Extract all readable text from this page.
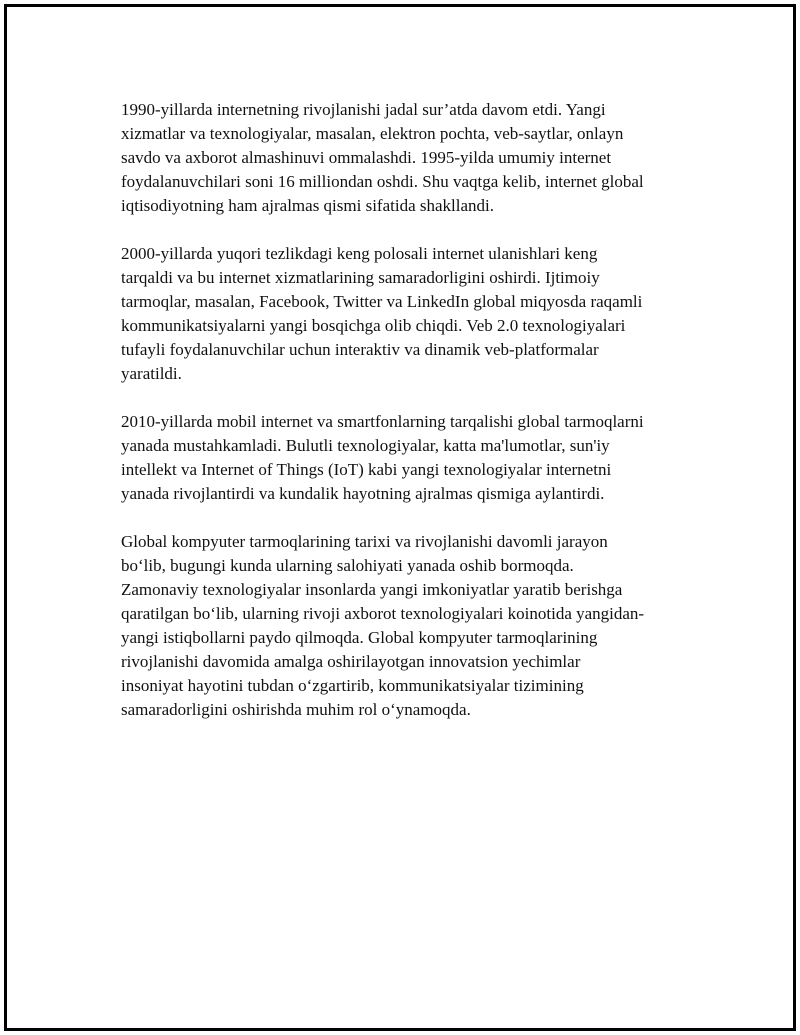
1990-yillarda internetning rivojlanishi jadal sur’atda davom etdi. Yangi
xizmatlar va texnologiyalar, masalan, elektron pochta, veb-saytlar, onlayn
savdo va axborot almashinuvi ommalashdi. 1995-yilda umumiy internet
foydalanuvchilari soni 16 milliondan oshdi. Shu vaqtga kelib, internet global
iqtisodiyotning ham ajralmas qismi sifatida shakllandi.

2000-yillarda yuqori tezlikdagi keng polosali internet ulanishlari keng
tarqaldi va bu internet xizmatlarining samaradorligini oshirdi. Ijtimoiy
tarmoqlar, masalan, Facebook, Twitter va LinkedIn global miqyosda raqamli
kommunikatsiyalarni yangi bosqichga olib chiqdi. Veb 2.0 texnologiyalari
tufayli foydalanuvchilar uchun interaktiv va dinamik veb-platformalar
yaratildi.

2010-yillarda mobil internet va smartfonlarning tarqalishi global tarmoqlarni
yanada mustahkamladi. Bulutli texnologiyalar, katta ma'lumotlar, sun'iy
intellekt va Internet of Things (IoT) kabi yangi texnologiyalar internetni
yanada rivojlantirdi va kundalik hayotning ajralmas qismiga aylantirdi.

Global kompyuter tarmoqlarining tarixi va rivojlanishi davomli jarayon
bo‘lib, bugungi kunda ularning salohiyati yanada oshib bormoqda.
Zamonaviy texnologiyalar insonlarda yangi imkoniyatlar yaratib berishga
qaratilgan bo‘lib, ularning rivoji axborot texnologiyalari koinotida yangidan-
yangi istiqbollarni paydo qilmoqda. Global kompyuter tarmoqlarining
rivojlanishi davomida amalga oshirilayotgan innovatsion yechimlar
insoniyat hayotini tubdan o‘zgartirib, kommunikatsiyalar tizimining
samaradorligini oshirishda muhim rol o‘ynamoqda.
